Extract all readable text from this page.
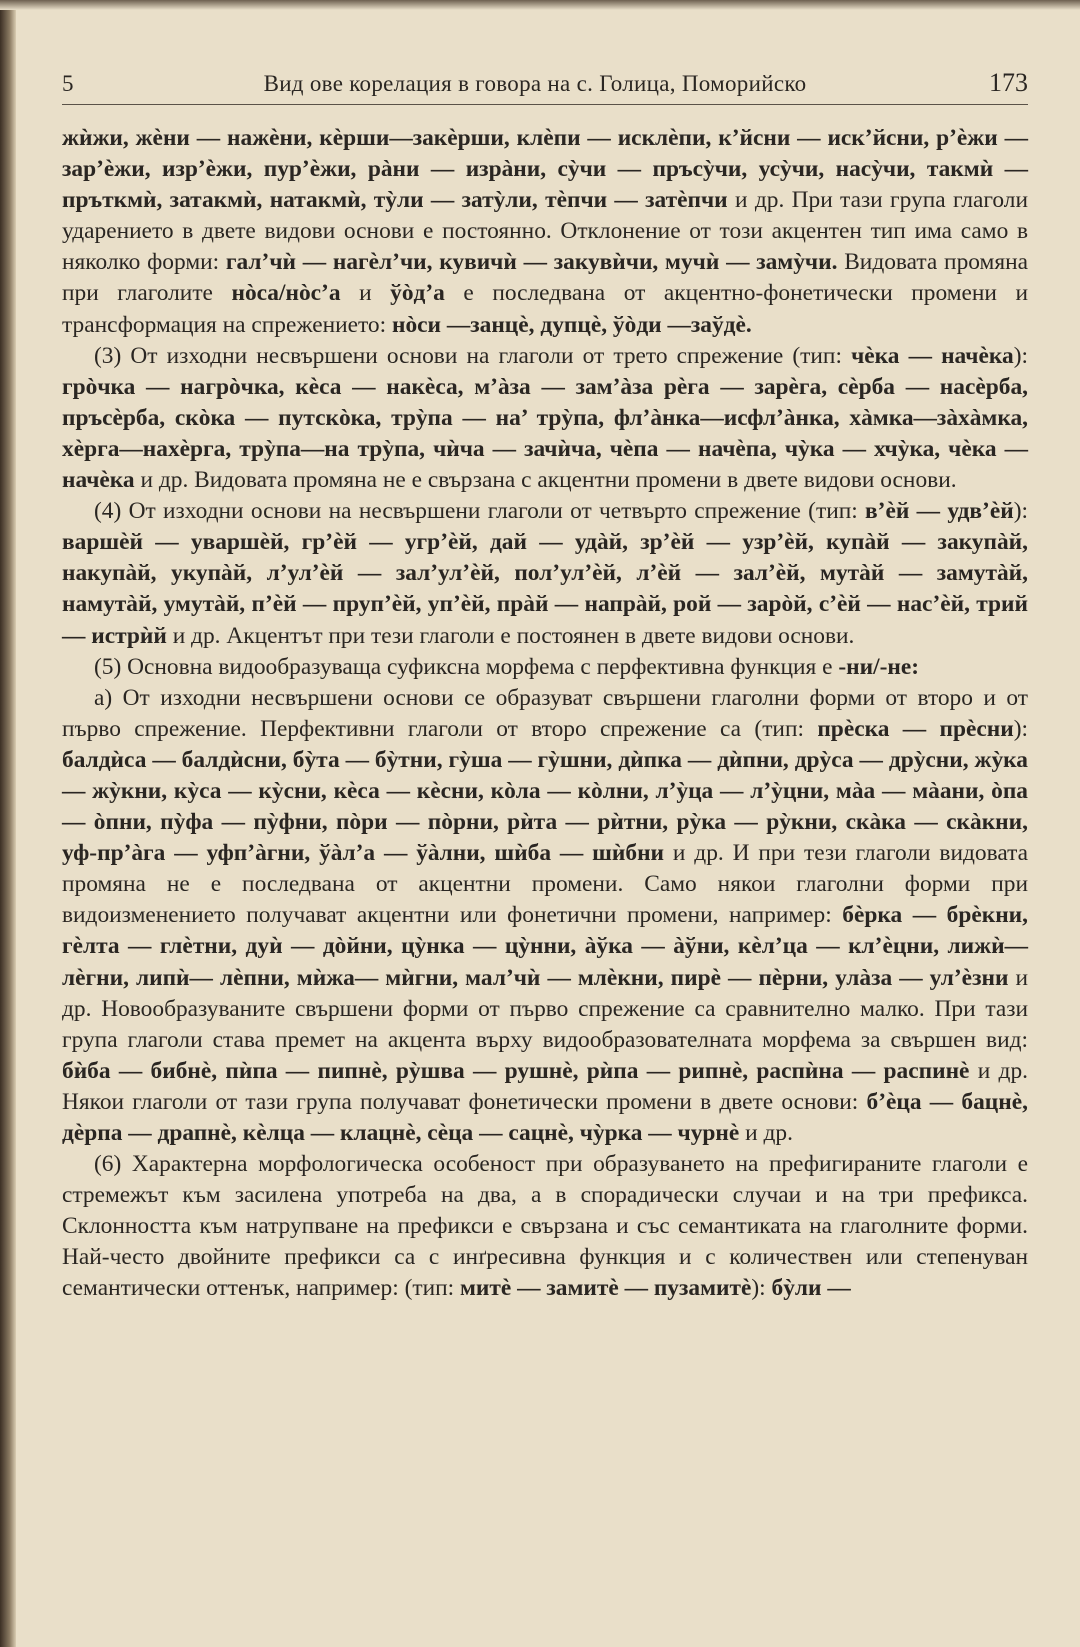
5	Вид ове корелация в говора на с. Голица, Поморийско	173

жѝжи, жѐни — нажѐни, кѐрши—закѐрши, клѐпи — исклѐпи, к’йсни — иск’йсни, р’ѐжи — зар’ѐжи, изр’ѐжи, пур’ѐжи, рàни — изрàни, сỳчи — пръсỳчи, усỳчи, насỳчи, такмѝ — пръткмѝ, затакмѝ, натакмѝ, тỳли — затỳли, тѐпчи — затѐпчи и др. При тази група глаголи ударението в двете видови основи е постоянно. Отклонение от този акцентен тип има само в няколко форми: гал’чѝ — нагѐл’чи, кувичѝ — закувѝчи, мучѝ — замỳчи. Видовата промяна при глаголите нòса/нòс’а и ўòд’а е последвана от акцентно-фонетически промени и трансформация на спрежението: нòси —занцѐ, дупцѐ, ўòди —заўдѐ.

(3) От изходни несвършени основи на глаголи от трето спрежение (тип: чѐка — начѐка): грòчка — нагрòчка, кѐса — накѐса, м’àза — зам’àза рѐга — зарѐга, сѐрба — насѐрба, пръсѐрба, скòка — путскòка, трỳпа — на’ трỳпа, фл’àнка—исфл’àнка, хàмка—зàхàмка, хѐрга—нахѐрга, трỳпа—на трỳпа, чѝча — зачѝча, чѐпа — начѐпа, чỳка — хчỳка, чѐка — начѐка и др. Видовата промяна не е свързана с акцентни промени в двете видови основи.

(4) От изходни основи на несвършени глаголи от четвърто спрежение (тип: в’ѐй — удв’ѐй): варшѐй — уваршѐй, гр’ѐй — угр’ѐй, дай — удàй, зр’ѐй — узр’ѐй, купàй — закупàй, накупàй, укупàй, л’ул’ѐй — зал’ул’ѐй, пол’ул’ѐй, л’ѐй — зал’ѐй, мутàй — замутàй, намутàй, умутàй, п’ѐй — пруп’ѐй, уп’ѐй, прàй — напрàй, рой — зарòй, с’ѐй — нас’ѐй, трий — истрѝй и др. Акцентът при тези глаголи е постоянен в двете видови основи.

(5) Основна видообразуваща суфиксна морфема с перфективна функция е -ни/-не:

а) От изходни несвършени основи се образуват свършени глаголни форми от второ и от първо спрежение. Перфективни глаголи от второ спрежение са (тип: прѐска — прѐсни): балдѝса — балдѝсни, бỳта — бỳтни, гỳша — гỳшни, дѝпка — дѝпни, дрỳса — дрỳсни, жỳка — жỳкни, кỳса — кỳсни, кѐса — кѐсни, кòла — кòлни, л’ỳца — л’ỳцни, мàа — мàани, òпа — òпни, пỳфа — пỳфни, пòри — пòрни, рѝта — рѝтни, рỳка — рỳкни, скàка — скàкни, уф-пр’àга — уфп’àгни, ўàл’а — ўàлни, шѝба — шѝбни и др. И при тези глаголи видовата промяна не е последвана от акцентни промени. Само някои глаголни форми при видоизменението получават акцентни или фонетични промени, например: бѐрка — брѐкни, гѐлта — глѐтни, дуѝ — дòйни, цỳнка — цỳнни, àўка — àўни, кѐл’ца — кл’ѐцни, лижѝ—лѐгни, липѝ— лѐпни, мѝжа— мѝгни, мал’чѝ — млѐкни, пирѐ — пѐрни, улàза — ул’ѐзни и др. Новообразуваните свършени форми от първо спрежение са сравнително малко. При тази група глаголи става премет на акцента върху видообразователната морфема за свършен вид: бѝба — бибнѐ, пѝпа — пипнѐ, рỳшва — рушнѐ, рѝпа — рипнѐ, распѝна — распинѐ и др. Някои глаголи от тази група получават фонетически промени в двете основи: б’ѐца — бацнѐ, дѐрпа — драпнѐ, кѐлца — клацнѐ, сѐца — сацнѐ, чỳрка — чурнѐ и др.

(6) Характерна морфологическа особеност при образуването на префигираните глаголи е стремежът към засилена употреба на два, а в спорадически случаи и на три префикса. Склонността към натрупване на префикси е свързана и със семантиката на глаголните форми. Най-често двойните префикси са с инґресивна функция и с количествен или степенуван семантически оттенък, например: (тип: митѐ — замитѐ — пузамитѐ): бỳли —
